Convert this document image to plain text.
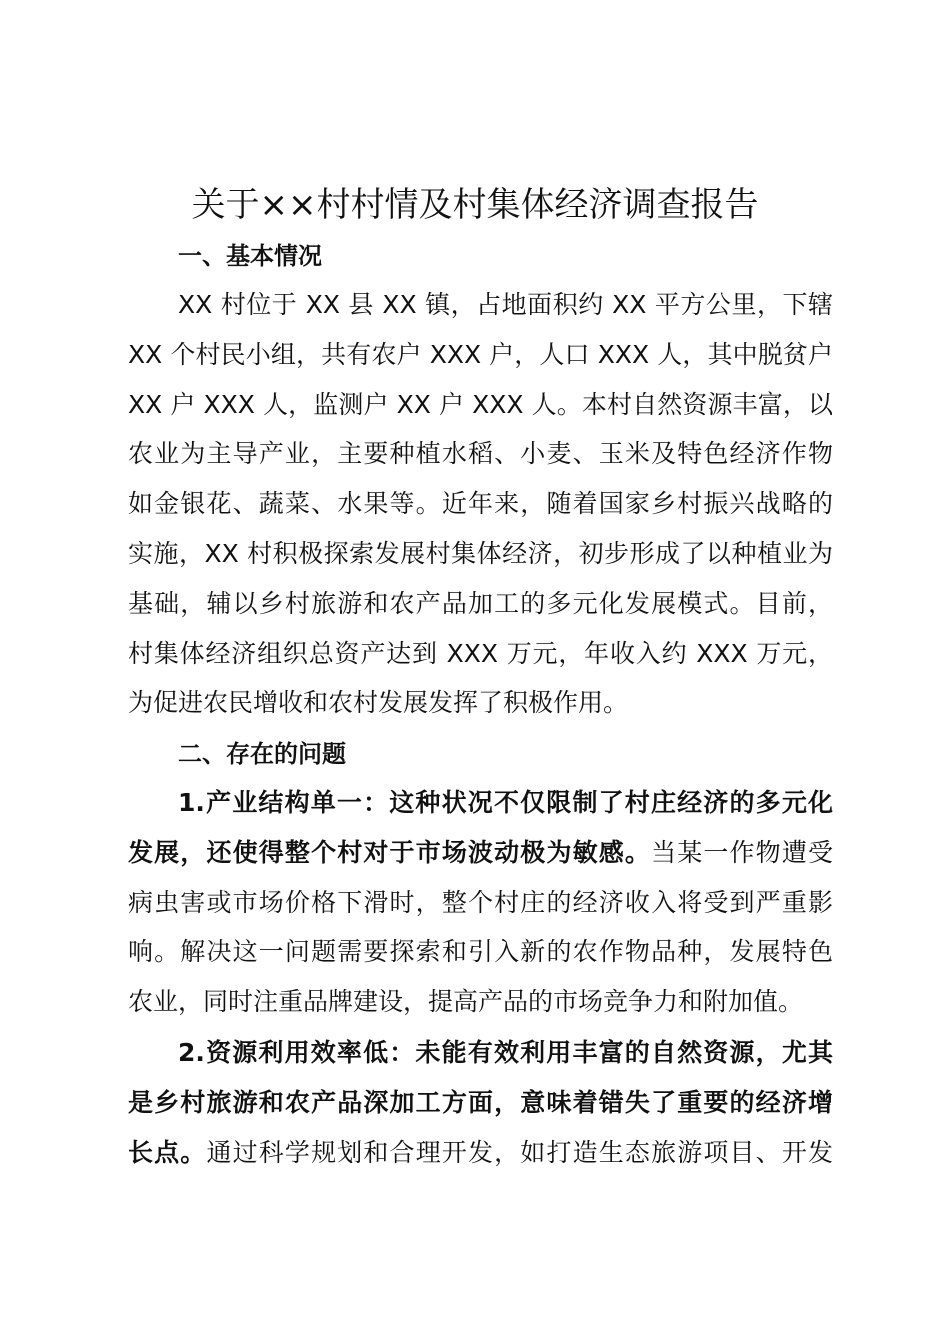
关于××村村情及村集体经济调查报告
一、基本情况
XX 村位于 XX 县 XX 镇，占地面积约 XX 平方公里，下辖
XX 个村民小组，共有农户 XXX 户，人口 XXX 人，其中脱贫户
XX 户 XXX 人，监测户 XX 户 XXX 人。本村自然资源丰富，以
农业为主导产业，主要种植水稻、小麦、玉米及特色经济作物
如金银花、蔬菜、水果等。近年来，随着国家乡村振兴战略的
实施，XX 村积极探索发展村集体经济，初步形成了以种植业为
基础，辅以乡村旅游和农产品加工的多元化发展模式。目前，
村集体经济组织总资产达到 XXX 万元，年收入约 XXX 万元，
为促进农民增收和农村发展发挥了积极作用。
二、存在的问题
1.产业结构单一：这种状况不仅限制了村庄经济的多元化
发展，还使得整个村对于市场波动极为敏感。当某一作物遭受
病虫害或市场价格下滑时，整个村庄的经济收入将受到严重影
响。解决这一问题需要探索和引入新的农作物品种，发展特色
农业，同时注重品牌建设，提高产品的市场竞争力和附加值。
2.资源利用效率低：未能有效利用丰富的自然资源，尤其
是乡村旅游和农产品深加工方面，意味着错失了重要的经济增
长点。通过科学规划和合理开发，如打造生态旅游项目、开发
